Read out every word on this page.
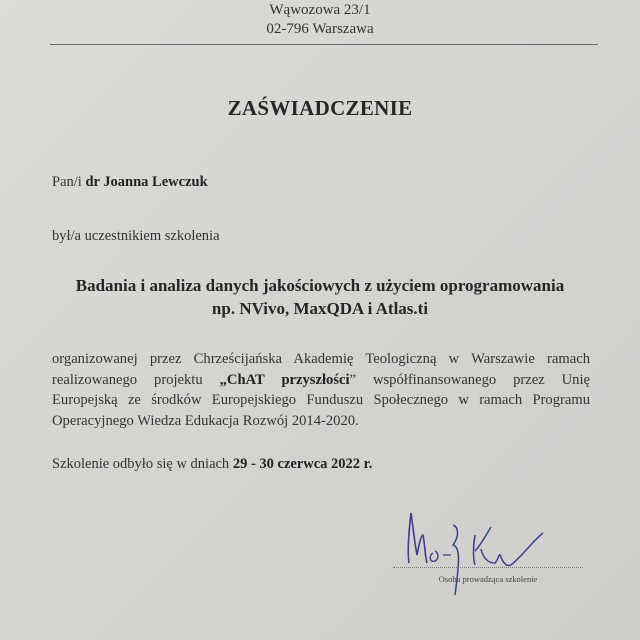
Wąwozowa 23/1
02-796 Warszawa
ZAŚWIADCZENIE
Pan/i dr Joanna Lewczuk
był/a uczestnikiem szkolenia
Badania i analiza danych jakościowych z użyciem oprogramowania
np. NVivo, MaxQDA i Atlas.ti
organizowanej przez Chrześcijańska Akademię Teologiczną w Warszawie ramach
realizowanego projektu „ChAT przyszłości” współfinansowanego przez Unię
Europejską ze środków Europejskiego Funduszu Społecznego w ramach Programu
Operacyjnego Wiedza Edukacja Rozwój 2014-2020.
Szkolenie odbyło się w dniach 29 - 30 czerwca 2022 r.
Osoba prowadząca szkolenie
